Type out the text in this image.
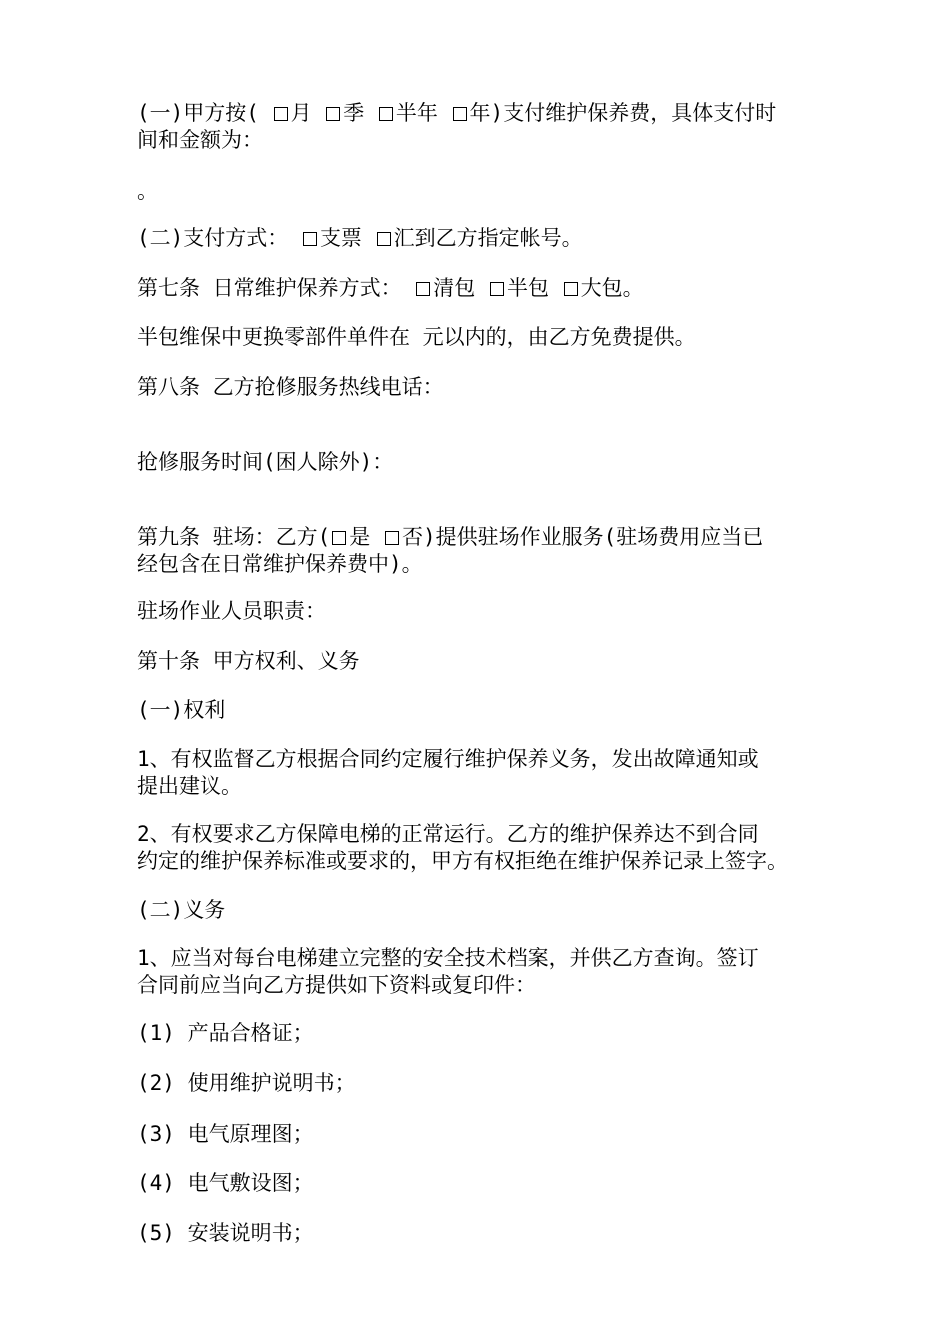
(一)甲方按( 月 季 半年 年)支付维护保养费，具体支付时
间和金额为：
。
(二)支付方式： 支票 汇到乙方指定帐号。
第七条 日常维护保养方式： 清包 半包 大包。
半包维保中更换零部件单件在 元以内的，由乙方免费提供。
第八条 乙方抢修服务热线电话：
抢修服务时间(困人除外)：
第九条 驻场：乙方( 是 否)提供驻场作业服务(驻场费用应当已
经包含在日常维护保养费中)。
驻场作业人员职责：
第十条 甲方权利、义务
(一)权利
1、有权监督乙方根据合同约定履行维护保养义务，发出故障通知或
提出建议。
2、有权要求乙方保障电梯的正常运行。乙方的维护保养达不到合同
约定的维护保养标准或要求的，甲方有权拒绝在维护保养记录上签字。
(二)义务
1、应当对每台电梯建立完整的安全技术档案，并供乙方查询。签订
合同前应当向乙方提供如下资料或复印件：
(1) 产品合格证；
(2) 使用维护说明书；
(3) 电气原理图；
(4) 电气敷设图；
(5) 安装说明书；
